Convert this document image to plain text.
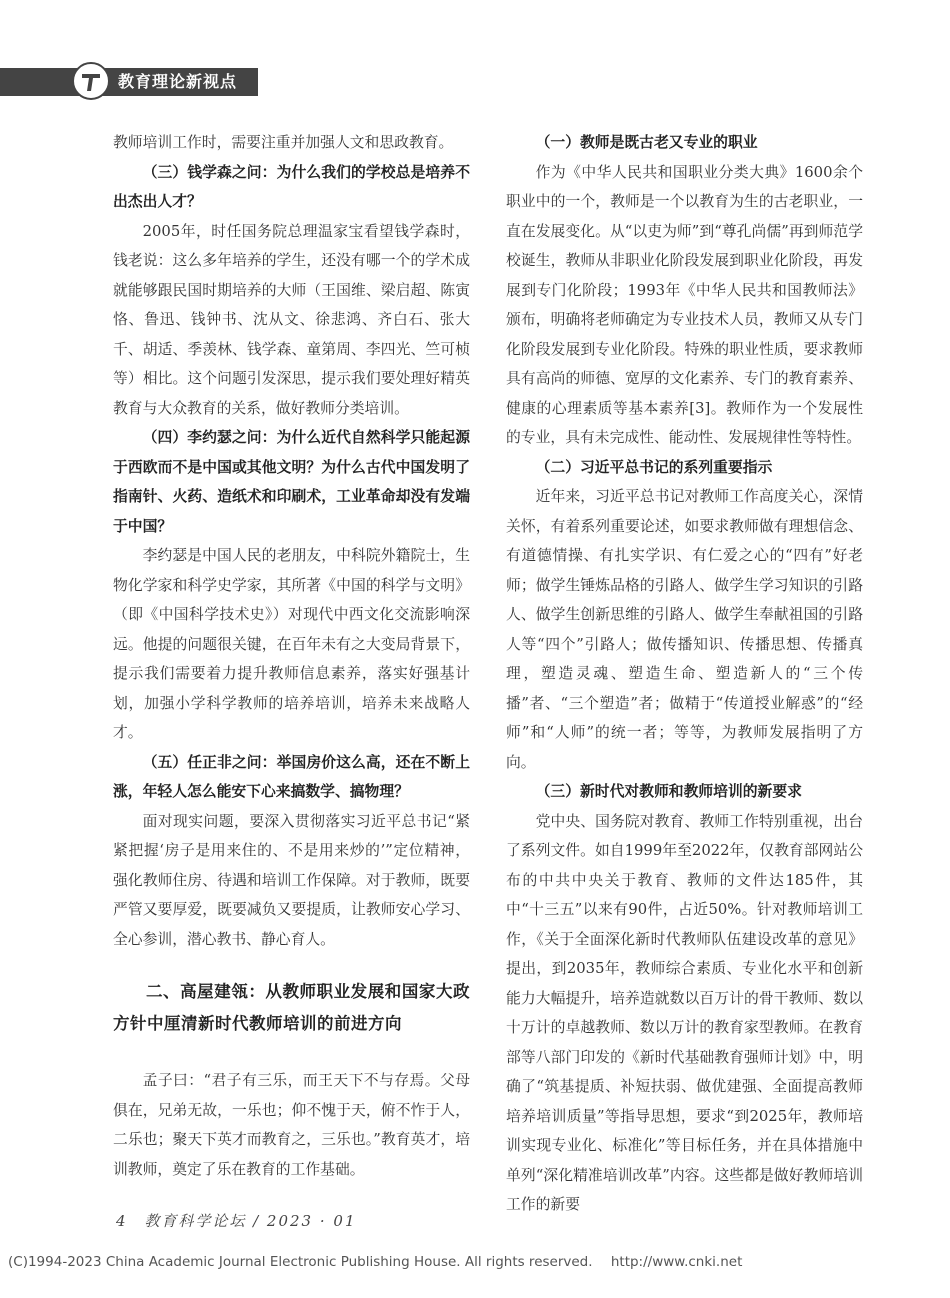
教育理论新视点

教师培训工作时，需要注重并加强人文和思政教育。

（三）钱学森之问：为什么我们的学校总是培养不出杰出人才？

2005年，时任国务院总理温家宝看望钱学森时，钱老说：这么多年培养的学生，还没有哪一个的学术成就能够跟民国时期培养的大师（王国维、梁启超、陈寅恪、鲁迅、钱钟书、沈从文、徐悲鸿、齐白石、张大千、胡适、季羡林、钱学森、童第周、李四光、竺可桢等）相比。这个问题引发深思，提示我们要处理好精英教育与大众教育的关系，做好教师分类培训。

（四）李约瑟之问：为什么近代自然科学只能起源于西欧而不是中国或其他文明？为什么古代中国发明了指南针、火药、造纸术和印刷术，工业革命却没有发端于中国？

李约瑟是中国人民的老朋友，中科院外籍院士，生物化学家和科学史学家，其所著《中国的科学与文明》（即《中国科学技术史》）对现代中西文化交流影响深远。他提的问题很关键，在百年未有之大变局背景下，提示我们需要着力提升教师信息素养，落实好强基计划，加强小学科学教师的培养培训，培养未来战略人才。

（五）任正非之问：举国房价这么高，还在不断上涨，年轻人怎么能安下心来搞数学、搞物理？

面对现实问题，要深入贯彻落实习近平总书记“紧紧把握‘房子是用来住的、不是用来炒的’”定位精神，强化教师住房、待遇和培训工作保障。对于教师，既要严管又要厚爱，既要减负又要提质，让教师安心学习、全心参训，潜心教书、静心育人。

二、高屋建瓴：从教师职业发展和国家大政方针中厘清新时代教师培训的前进方向

孟子曰：“君子有三乐，而王天下不与存焉。父母俱在，兄弟无故，一乐也；仰不愧于天，俯不怍于人，二乐也；聚天下英才而教育之，三乐也。”教育英才，培训教师，奠定了乐在教育的工作基础。

（一）教师是既古老又专业的职业

作为《中华人民共和国职业分类大典》1600余个职业中的一个，教师是一个以教育为生的古老职业，一直在发展变化。从“以吏为师”到“尊孔尚儒”再到师范学校诞生，教师从非职业化阶段发展到职业化阶段，再发展到专门化阶段；1993年《中华人民共和国教师法》颁布，明确将老师确定为专业技术人员，教师又从专门化阶段发展到专业化阶段。特殊的职业性质，要求教师具有高尚的师德、宽厚的文化素养、专门的教育素养、健康的心理素质等基本素养[3]。教师作为一个发展性的专业，具有未完成性、能动性、发展规律性等特性。

（二）习近平总书记的系列重要指示

近年来，习近平总书记对教师工作高度关心，深情关怀，有着系列重要论述，如要求教师做有理想信念、有道德情操、有扎实学识、有仁爱之心的“四有”好老师；做学生锤炼品格的引路人、做学生学习知识的引路人、做学生创新思维的引路人、做学生奉献祖国的引路人等“四个”引路人；做传播知识、传播思想、传播真理，塑造灵魂、塑造生命、塑造新人的“三个传播”者、“三个塑造”者；做精于“传道授业解惑”的“经师”和“人师”的统一者；等等，为教师发展指明了方向。

（三）新时代对教师和教师培训的新要求

党中央、国务院对教育、教师工作特别重视，出台了系列文件。如自1999年至2022年，仅教育部网站公布的中共中央关于教育、教师的文件达185件，其中“十三五”以来有90件，占近50%。针对教师培训工作，《关于全面深化新时代教师队伍建设改革的意见》提出，到2035年，教师综合素质、专业化水平和创新能力大幅提升，培养造就数以百万计的骨干教师、数以十万计的卓越教师、数以万计的教育家型教师。在教育部等八部门印发的《新时代基础教育强师计划》中，明确了“筑基提质、补短扶弱、做优建强、全面提高教师培养培训质量”等指导思想，要求“到2025年，教师培训实现专业化、标准化”等目标任务，并在具体措施中单列“深化精准培训改革”内容。这些都是做好教师培训工作的新要

4 教育科学论坛 / 2023 · 01
(C)1994-2023 China Academic Journal Electronic Publishing House. All rights reserved. http://www.cnki.net
